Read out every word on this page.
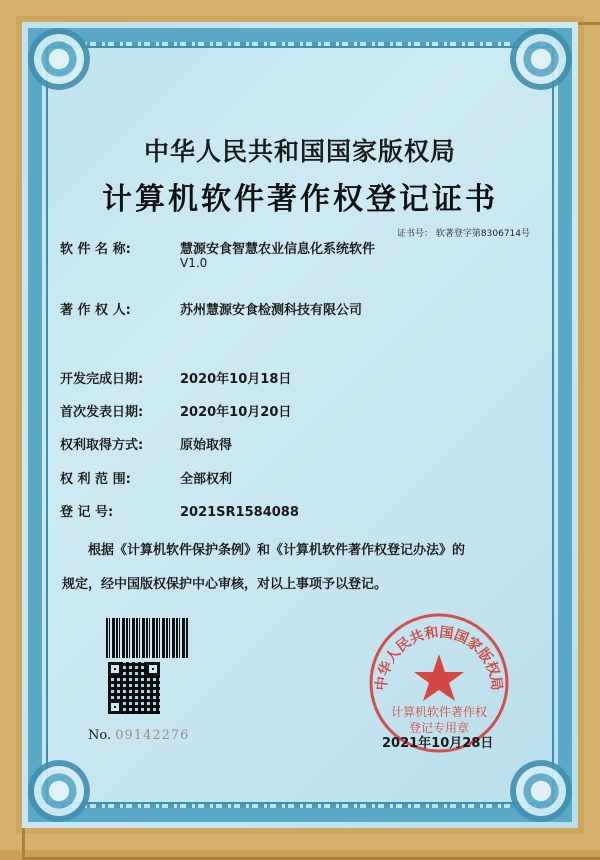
中华人民共和国国家版权局
计算机软件著作权登记证书
证书号： 软著登字第8306714号
软 件 名 称:	慧源安食智慧农业信息化系统软件
V1.0
著 作 权 人:	苏州慧源安食检测科技有限公司
开发完成日期:	2020年10月18日
首次发表日期:	2020年10月20日
权利取得方式:	原始取得
权 利 范 围:	全部权利
登 记 号:	2021SR1584088
根据《计算机软件保护条例》和《计算机软件著作权登记办法》的
规定，经中国版权保护中心审核，对以上事项予以登记。
No. 09142276
中华人民共和国国家版权局
计算机软件著作权
登记专用章
2021年10月28日
